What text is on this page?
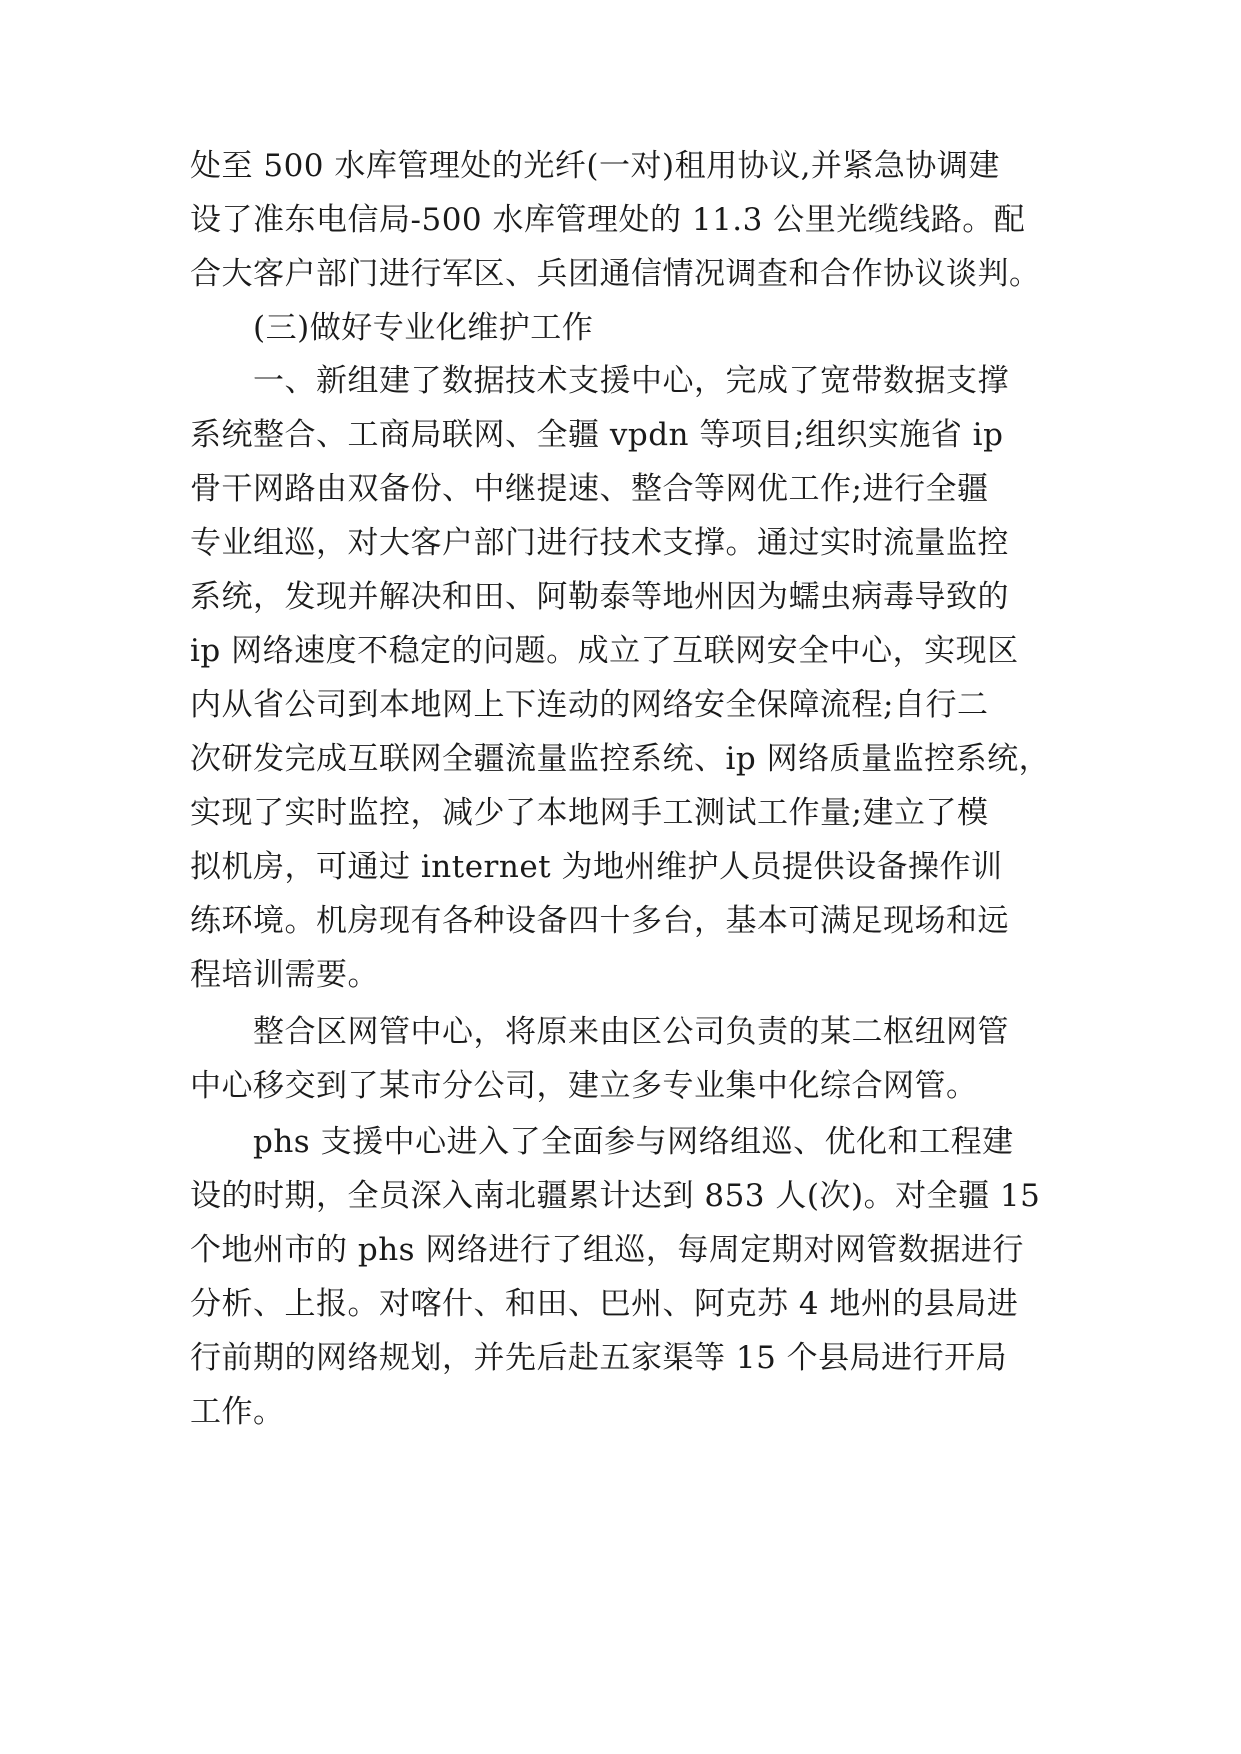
处至 500 水库管理处的光纤(一对)租用协议,并紧急协调建
设了准东电信局-500 水库管理处的 11.3 公里光缆线路。配
合大客户部门进行军区、兵团通信情况调查和合作协议谈判。
(三)做好专业化维护工作
一、新组建了数据技术支援中心，完成了宽带数据支撑
系统整合、工商局联网、全疆 vpdn 等项目;组织实施省 ip
骨干网路由双备份、中继提速、整合等网优工作;进行全疆
专业组巡，对大客户部门进行技术支撑。通过实时流量监控
系统，发现并解决和田、阿勒泰等地州因为蠕虫病毒导致的
ip 网络速度不稳定的问题。成立了互联网安全中心，实现区
内从省公司到本地网上下连动的网络安全保障流程;自行二
次研发完成互联网全疆流量监控系统、ip 网络质量监控系统，
实现了实时监控，减少了本地网手工测试工作量;建立了模
拟机房，可通过 internet 为地州维护人员提供设备操作训
练环境。机房现有各种设备四十多台，基本可满足现场和远
程培训需要。
整合区网管中心，将原来由区公司负责的某二枢纽网管
中心移交到了某市分公司，建立多专业集中化综合网管。
phs 支援中心进入了全面参与网络组巡、优化和工程建
设的时期，全员深入南北疆累计达到 853 人(次)。对全疆 15
个地州市的 phs 网络进行了组巡，每周定期对网管数据进行
分析、上报。对喀什、和田、巴州、阿克苏 4 地州的县局进
行前期的网络规划，并先后赴五家渠等 15 个县局进行开局
工作。
